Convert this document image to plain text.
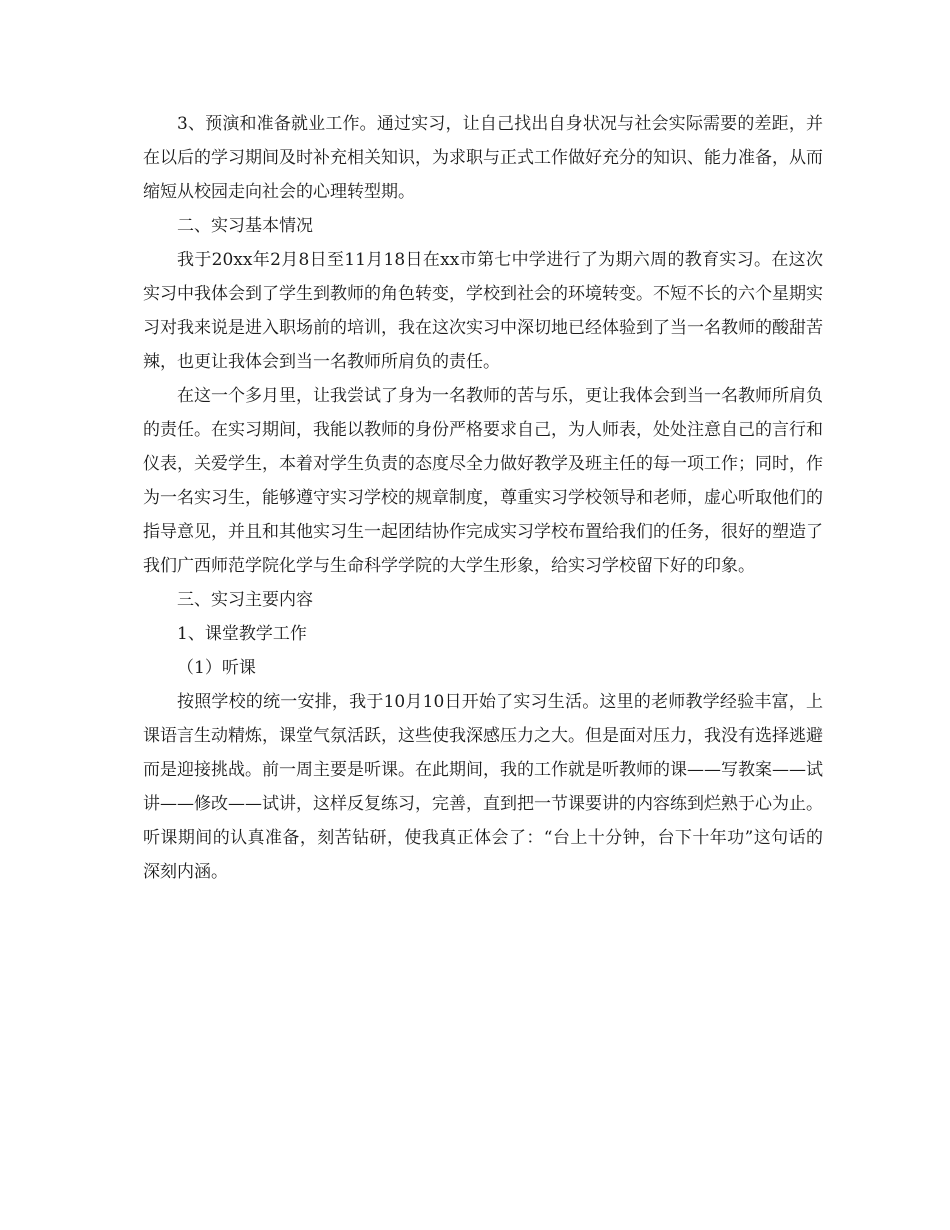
3、预演和准备就业工作。通过实习，让自己找出自身状况与社会实际需要的差距，并在以后的学习期间及时补充相关知识，为求职与正式工作做好充分的知识、能力准备，从而缩短从校园走向社会的心理转型期。

二、实习基本情况

我于20xx年2月8日至11月18日在xx市第七中学进行了为期六周的教育实习。在这次实习中我体会到了学生到教师的角色转变，学校到社会的环境转变。不短不长的六个星期实习对我来说是进入职场前的培训，我在这次实习中深切地已经体验到了当一名教师的酸甜苦辣，也更让我体会到当一名教师所肩负的责任。

在这一个多月里，让我尝试了身为一名教师的苦与乐，更让我体会到当一名教师所肩负的责任。在实习期间，我能以教师的身份严格要求自己，为人师表，处处注意自己的言行和仪表，关爱学生，本着对学生负责的态度尽全力做好教学及班主任的每一项工作；同时，作为一名实习生，能够遵守实习学校的规章制度，尊重实习学校领导和老师，虚心听取他们的指导意见，并且和其他实习生一起团结协作完成实习学校布置给我们的任务，很好的塑造了我们广西师范学院化学与生命科学学院的大学生形象，给实习学校留下好的印象。

三、实习主要内容

1、课堂教学工作

（1）听课

按照学校的统一安排，我于10月10日开始了实习生活。这里的老师教学经验丰富，上课语言生动精炼，课堂气氛活跃，这些使我深感压力之大。但是面对压力，我没有选择逃避而是迎接挑战。前一周主要是听课。在此期间，我的工作就是听教师的课——写教案——试讲——修改——试讲，这样反复练习，完善，直到把一节课要讲的内容练到烂熟于心为止。听课期间的认真准备，刻苦钻研，使我真正体会了：“台上十分钟，台下十年功”这句话的深刻内涵。
